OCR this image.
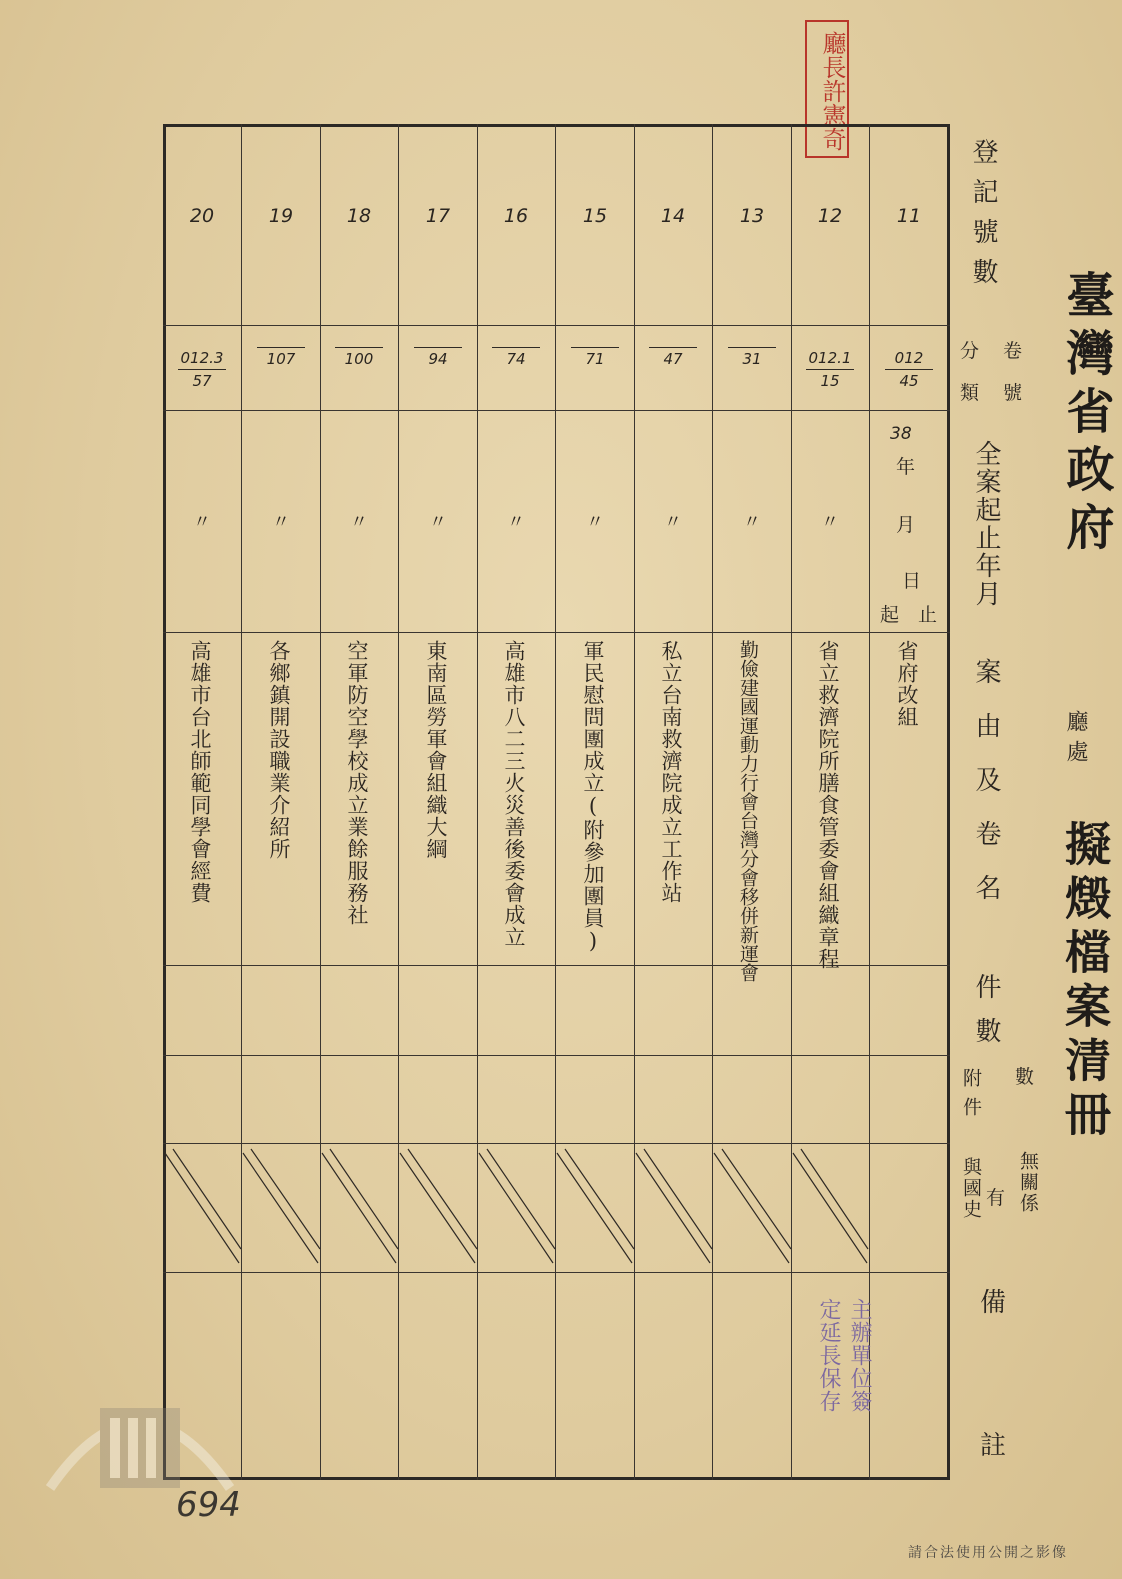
廳長許憲奇
臺灣省政府
廳處
擬燬檔案清冊
登記號數
卷
號
分
類
全案起止年月
案由及卷名
件數
數
附件
無關係
有
與國史
備
註
11
12
13
14
15
16
17
18
19
20
012
45
012.1
15
31
47
71
74
94
100
107
012.3
57
38
年
月
日
起 止
〃
〃
〃
〃
〃
〃
〃
〃
〃
省府改組
省立救濟院所膳食管委會組織章程
勤儉建國運動力行會台灣分會移併新運會
私立台南救濟院成立工作站
軍民慰問團成立(附參加團員)
高雄市八二三火災善後委會成立
東南區勞軍會組織大綱
空軍防空學校成立業餘服務社
各鄉鎮開設職業介紹所
高雄市台北師範同學會經費
主辦單位簽
定延長保存
694
請合法使用公開之影像
